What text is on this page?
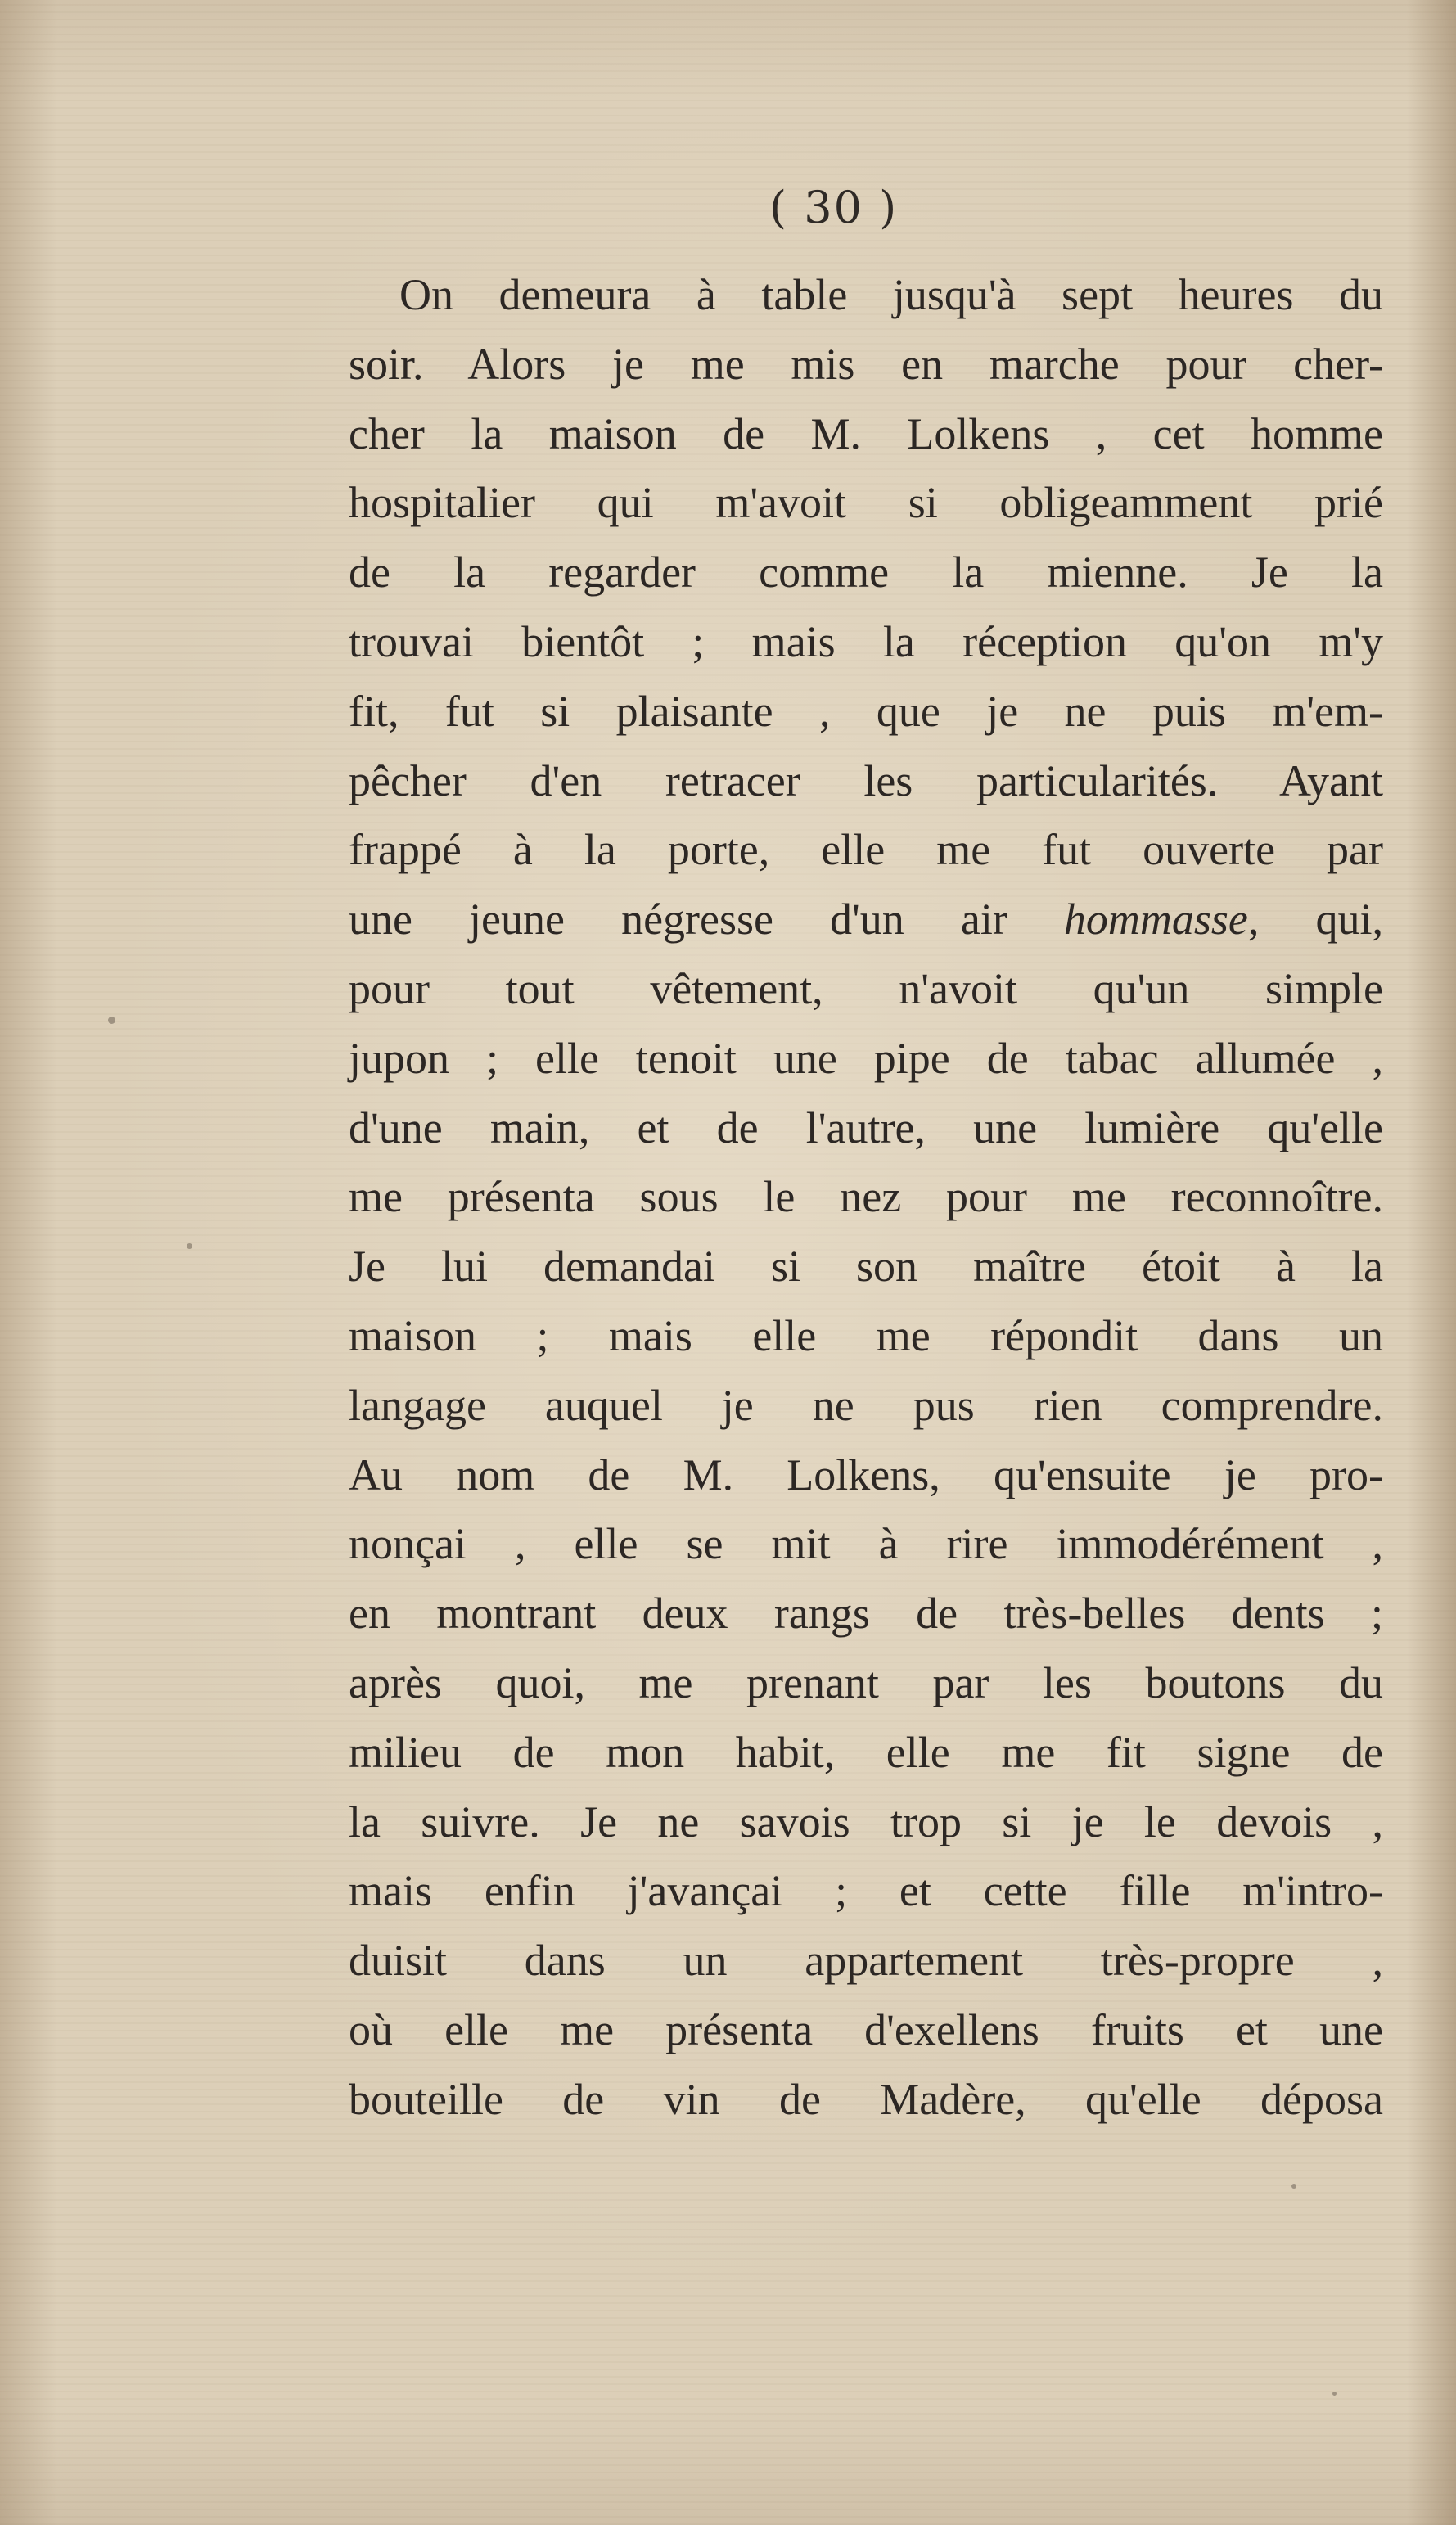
( 30 )
On demeura à table jusqu'à sept heures du
soir. Alors je me mis en marche pour cher-
cher la maison de M. Lolkens , cet homme
hospitalier qui m'avoit si obligeamment prié
de la regarder comme la mienne. Je la
trouvai bientôt ; mais la réception qu'on m'y
fit, fut si plaisante , que je ne puis m'em-
pêcher d'en retracer les particularités. Ayant
frappé à la porte, elle me fut ouverte par
une jeune négresse d'un air hommasse, qui,
pour tout vêtement, n'avoit qu'un simple
jupon ; elle tenoit une pipe de tabac allumée ,
d'une main, et de l'autre, une lumière qu'elle
me présenta sous le nez pour me reconnoître.
Je lui demandai si son maître étoit à la
maison ; mais elle me répondit dans un
langage auquel je ne pus rien comprendre.
Au nom de M. Lolkens, qu'ensuite je pro-
nonçai , elle se mit à rire immodérément ,
en montrant deux rangs de très-belles dents ;
après quoi, me prenant par les boutons du
milieu de mon habit, elle me fit signe de
la suivre. Je ne savois trop si je le devois ,
mais enfin j'avançai ; et cette fille m'intro-
duisit dans un appartement très-propre ,
où elle me présenta d'exellens fruits et une
bouteille de vin de Madère, qu'elle déposa
